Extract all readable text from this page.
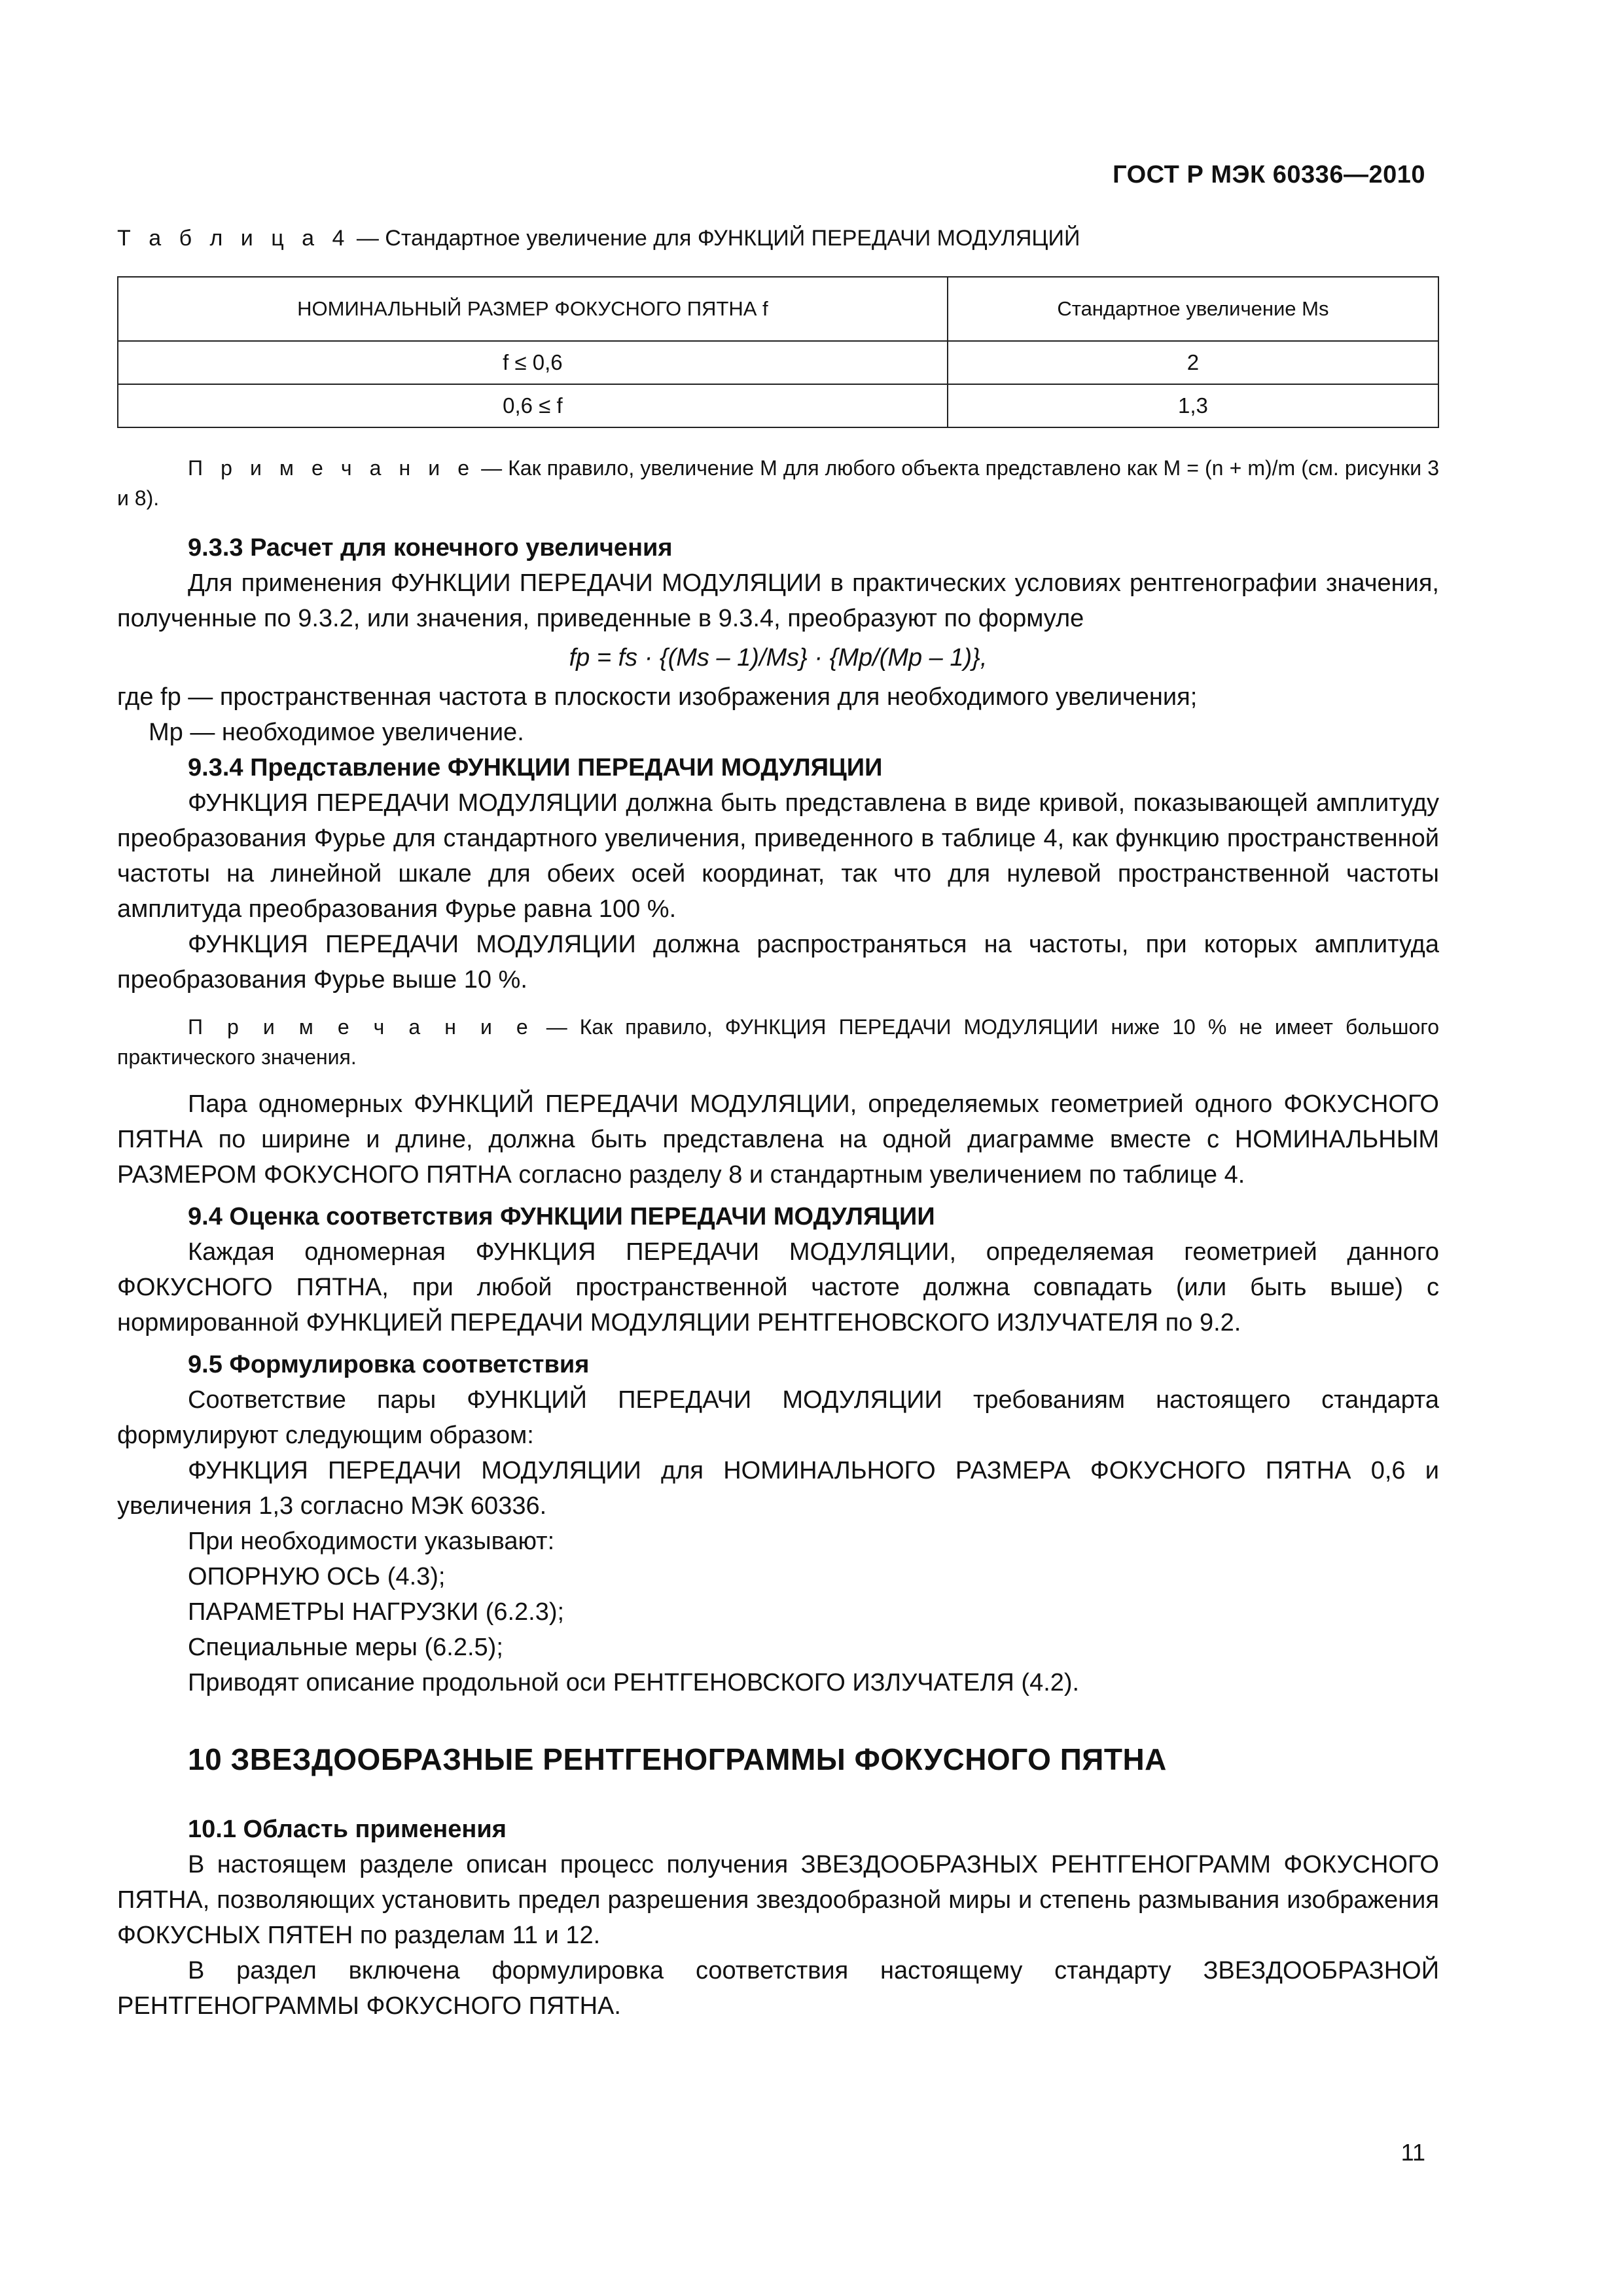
ГОСТ Р МЭК 60336—2010
Т а б л и ц а 4 — Стандартное увеличение для ФУНКЦИЙ ПЕРЕДАЧИ МОДУЛЯЦИЙ
НОМИНАЛЬНЫЙ РАЗМЕР ФОКУСНОГО ПЯТНА f	Стандартное увеличение Ms
f ≤ 0,6	2
0,6 ≤ f	1,3

П р и м е ч а н и е — Как правило, увеличение M для любого объекта представлено как M = (n + m)/m (см. рисунки 3 и 8).

9.3.3 Расчет для конечного увеличения

Для применения ФУНКЦИИ ПЕРЕДАЧИ МОДУЛЯЦИИ в практических условиях рентгенографии значения, полученные по 9.3.2, или значения, приведенные в 9.3.4, преобразуют по формуле

fp = fs · {(Ms – 1)/Ms} · {Mp/(Mp – 1)},

где fp — пространственная частота в плоскости изображения для необходимого увеличения;

Mp — необходимое увеличение.

9.3.4 Представление ФУНКЦИИ ПЕРЕДАЧИ МОДУЛЯЦИИ

ФУНКЦИЯ ПЕРЕДАЧИ МОДУЛЯЦИИ должна быть представлена в виде кривой, показывающей амплитуду преобразования Фурье для стандартного увеличения, приведенного в таблице 4, как функцию пространственной частоты на линейной шкале для обеих осей координат, так что для нулевой пространственной частоты амплитуда преобразования Фурье равна 100 %.

ФУНКЦИЯ ПЕРЕДАЧИ МОДУЛЯЦИИ должна распространяться на частоты, при которых амплитуда преобразования Фурье выше 10 %.

П р и м е ч а н и е — Как правило, ФУНКЦИЯ ПЕРЕДАЧИ МОДУЛЯЦИИ ниже 10 % не имеет большого практического значения.

Пара одномерных ФУНКЦИЙ ПЕРЕДАЧИ МОДУЛЯЦИИ, определяемых геометрией одного ФОКУСНОГО ПЯТНА по ширине и длине, должна быть представлена на одной диаграмме вместе с НОМИНАЛЬНЫМ РАЗМЕРОМ ФОКУСНОГО ПЯТНА согласно разделу 8 и стандартным увеличением по таблице 4.

9.4 Оценка соответствия ФУНКЦИИ ПЕРЕДАЧИ МОДУЛЯЦИИ

Каждая одномерная ФУНКЦИЯ ПЕРЕДАЧИ МОДУЛЯЦИИ, определяемая геометрией данного ФОКУСНОГО ПЯТНА, при любой пространственной частоте должна совпадать (или быть выше) с нормированной ФУНКЦИЕЙ ПЕРЕДАЧИ МОДУЛЯЦИИ РЕНТГЕНОВСКОГО ИЗЛУЧАТЕЛЯ по 9.2.

9.5 Формулировка соответствия

Соответствие пары ФУНКЦИЙ ПЕРЕДАЧИ МОДУЛЯЦИИ требованиям настоящего стандарта формулируют следующим образом:

ФУНКЦИЯ ПЕРЕДАЧИ МОДУЛЯЦИИ для НОМИНАЛЬНОГО РАЗМЕРА ФОКУСНОГО ПЯТНА 0,6 и увеличения 1,3 согласно МЭК 60336.

При необходимости указывают:

ОПОРНУЮ ОСЬ (4.3);

ПАРАМЕТРЫ НАГРУЗКИ (6.2.3);

Специальные меры (6.2.5);

Приводят описание продольной оси РЕНТГЕНОВСКОГО ИЗЛУЧАТЕЛЯ (4.2).

10 ЗВЕЗДООБРАЗНЫЕ РЕНТГЕНОГРАММЫ ФОКУСНОГО ПЯТНА

10.1 Область применения

В настоящем разделе описан процесс получения ЗВЕЗДООБРАЗНЫХ РЕНТГЕНОГРАММ ФОКУСНОГО ПЯТНА, позволяющих установить предел разрешения звездообразной миры и степень размывания изображения ФОКУСНЫХ ПЯТЕН по разделам 11 и 12.

В раздел включена формулировка соответствия настоящему стандарту ЗВЕЗДООБРАЗНОЙ РЕНТГЕНОГРАММЫ ФОКУСНОГО ПЯТНА.

11
